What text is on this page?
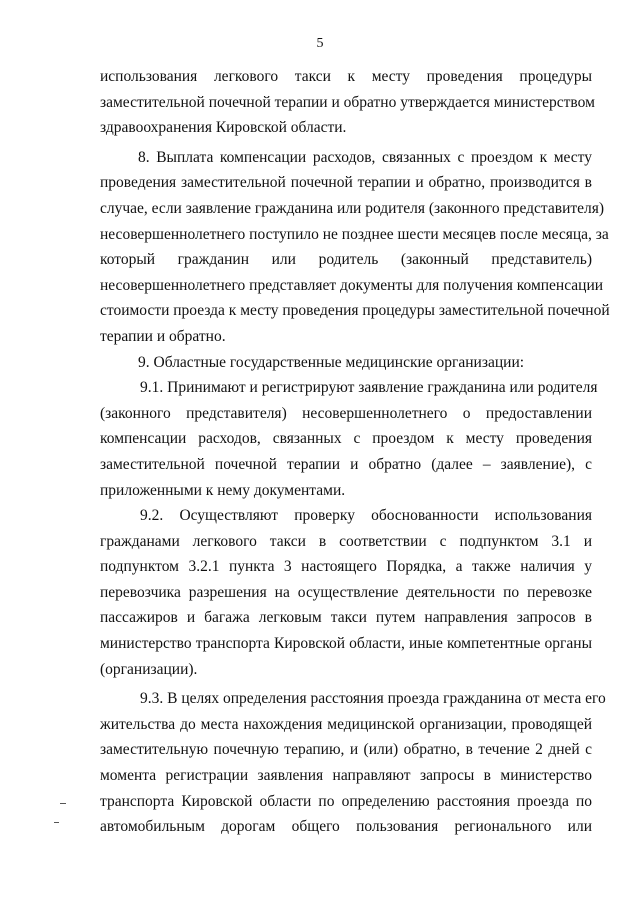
5
использования легкового такси к месту проведения процедуры
заместительной почечной терапии и обратно утверждается министерством
здравоохранения Кировской области.
8. Выплата компенсации расходов, связанных с проездом к месту
проведения заместительной почечной терапии и обратно, производится в
случае, если заявление гражданина или родителя (законного представителя)
несовершеннолетнего поступило не позднее шести месяцев после месяца, за
который гражданин или родитель (законный представитель)
несовершеннолетнего представляет документы для получения компенсации
стоимости проезда к месту проведения процедуры заместительной почечной
терапии и обратно.
9. Областные государственные медицинские организации:
9.1. Принимают и регистрируют заявление гражданина или родителя
(законного представителя) несовершеннолетнего о предоставлении
компенсации расходов, связанных с проездом к месту проведения
заместительной почечной терапии и обратно (далее – заявление), с
приложенными к нему документами.
9.2. Осуществляют проверку обоснованности использования
гражданами легкового такси в соответствии с подпунктом 3.1 и
подпунктом 3.2.1 пункта 3 настоящего Порядка, а также наличия у
перевозчика разрешения на осуществление деятельности по перевозке
пассажиров и багажа легковым такси путем направления запросов в
министерство транспорта Кировской области, иные компетентные органы
(организации).
9.3. В целях определения расстояния проезда гражданина от места его
жительства до места нахождения медицинской организации, проводящей
заместительную почечную терапию, и (или) обратно, в течение 2 дней с
момента регистрации заявления направляют запросы в министерство
транспорта Кировской области по определению расстояния проезда по
автомобильным дорогам общего пользования регионального или
